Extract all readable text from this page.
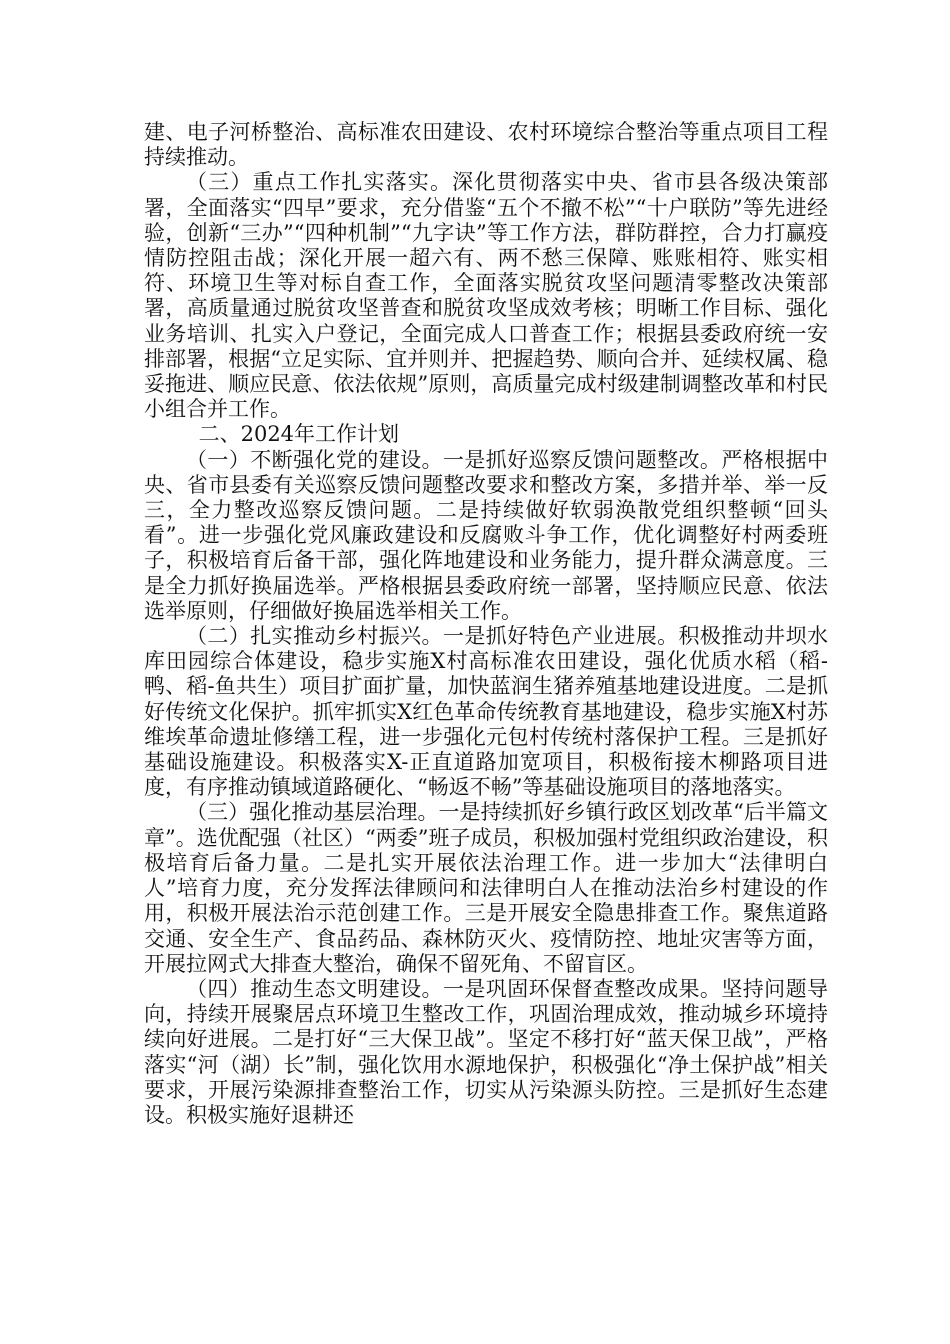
建、电子河桥整治、高标准农田建设、农村环境综合整治等重点项目工程持续推动。

（三）重点工作扎实落实。深化贯彻落实中央、省市县各级决策部署，全面落实“四早”要求，充分借鉴“五个不撤不松”“十户联防”等先进经验，创新“三办”“四种机制”“九字诀”等工作方法，群防群控，合力打赢疫情防控阻击战；深化开展一超六有、两不愁三保障、账账相符、账实相符、环境卫生等对标自查工作，全面落实脱贫攻坚问题清零整改决策部署，高质量通过脱贫攻坚普查和脱贫攻坚成效考核；明晰工作目标、强化业务培训、扎实入户登记，全面完成人口普查工作；根据县委政府统一安排部署，根据“立足实际、宜并则并、把握趋势、顺向合并、延续权属、稳妥拖进、顺应民意、依法依规”原则，高质量完成村级建制调整改革和村民小组合并工作。

二、2024年工作计划

（一）不断强化党的建设。一是抓好巡察反馈问题整改。严格根据中央、省市县委有关巡察反馈问题整改要求和整改方案，多措并举、举一反三，全力整改巡察反馈问题。二是持续做好软弱涣散党组织整顿“回头看”。进一步强化党风廉政建设和反腐败斗争工作，优化调整好村两委班子，积极培育后备干部，强化阵地建设和业务能力，提升群众满意度。三是全力抓好换届选举。严格根据县委政府统一部署，坚持顺应民意、依法选举原则，仔细做好换届选举相关工作。

（二）扎实推动乡村振兴。一是抓好特色产业进展。积极推动井坝水库田园综合体建设，稳步实施X村高标准农田建设，强化优质水稻（稻-鸭、稻-鱼共生）项目扩面扩量，加快蓝润生猪养殖基地建设进度。二是抓好传统文化保护。抓牢抓实X红色革命传统教育基地建设，稳步实施X村苏维埃革命遗址修缮工程，进一步强化元包村传统村落保护工程。三是抓好基础设施建设。积极落实X-正直道路加宽项目，积极衔接木柳路项目进度，有序推动镇域道路硬化、“畅返不畅”等基础设施项目的落地落实。

（三）强化推动基层治理。一是持续抓好乡镇行政区划改革“后半篇文章”。选优配强（社区）“两委”班子成员，积极加强村党组织政治建设，积极培育后备力量。二是扎实开展依法治理工作。进一步加大“法律明白人”培育力度，充分发挥法律顾问和法律明白人在推动法治乡村建设的作用，积极开展法治示范创建工作。三是开展安全隐患排查工作。聚焦道路交通、安全生产、食品药品、森林防灭火、疫情防控、地址灾害等方面，开展拉网式大排查大整治，确保不留死角、不留盲区。

（四）推动生态文明建设。一是巩固环保督查整改成果。坚持问题导向，持续开展聚居点环境卫生整改工作，巩固治理成效，推动城乡环境持续向好进展。二是打好“三大保卫战”。坚定不移打好“蓝天保卫战”，严格落实“河（湖）长”制，强化饮用水源地保护，积极强化“净土保护战”相关要求，开展污染源排查整治工作，切实从污染源头防控。三是抓好生态建设。积极实施好退耕还
